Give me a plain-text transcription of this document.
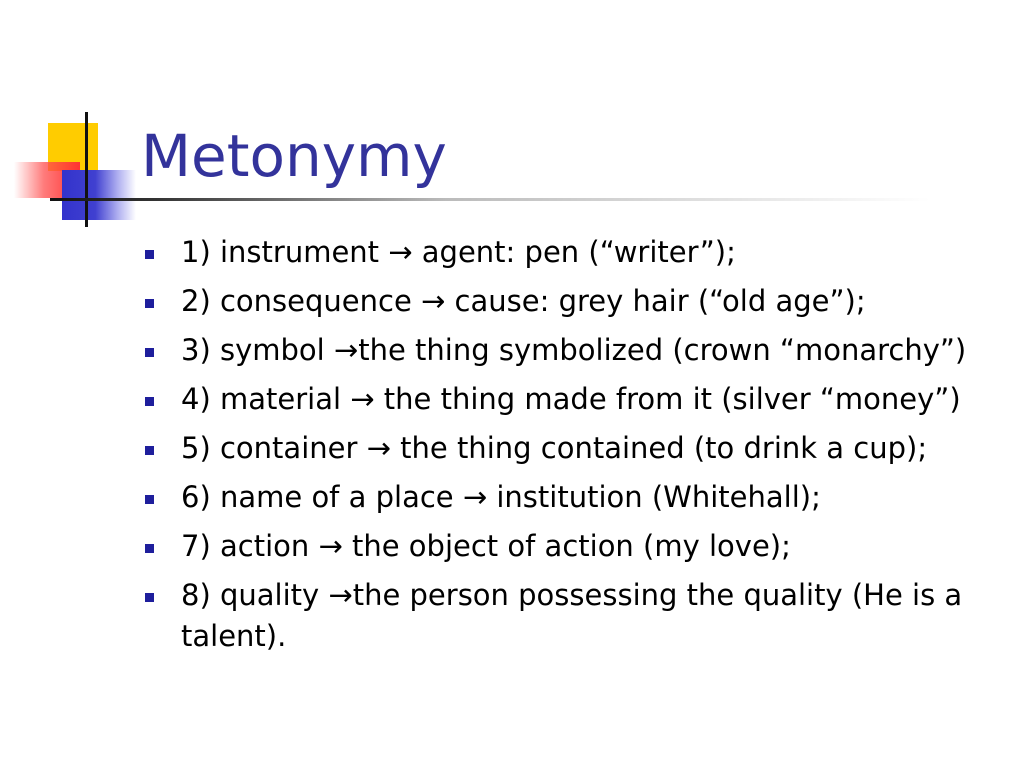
Metonymy
1) instrument → agent: pen (“writer”);
2) consequence → cause: grey hair (“old age”);
3) symbol →the thing symbolized (crown “monarchy”)
4) material → the thing made from it (silver “money”)
5) container → the thing contained (to drink a cup);
6) name of a place → institution (Whitehall);
7) action → the object of action (my love);
8) quality →the person possessing the quality (He is a talent).
